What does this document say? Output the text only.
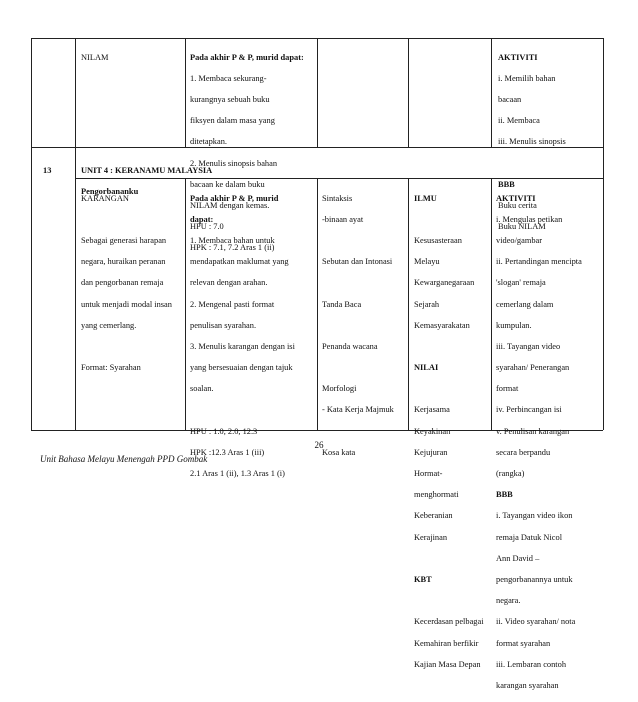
NILAM	Pada akhir P & P, murid dapat:

1. Membaca sekurang-

kurangnya sebuah buku

fiksyen dalam masa yang

ditetapkan.

2. Menulis sinopsis bahan

bacaan ke dalam buku

NILAM dengan kemas.

HPU : 7.0

HPK : 7.1, 7.2 Aras 1 (ii)

AKTIVITI

i. Memilih bahan

bacaan

ii. Membaca

iii. Menulis sinopsis

BBB

Buku cerita

Buku NILAM

13	UNIT 4 : KERANAMU MALAYSIA

Pengorbananku

KARANGAN

Sebagai generasi harapan

negara, huraikan peranan

dan pengorbanan remaja

untuk menjadi modal insan

yang cemerlang.

Format: Syarahan

Pada akhir P & P, murid

dapat:

1. Membaca bahan untuk

mendapatkan maklumat yang

relevan dengan arahan.

2. Mengenal pasti format

penulisan syarahan.

3. Menulis karangan dengan isi

yang bersesuaian dengan tajuk

soalan.

HPU : 1.0, 2.0, 12.3

HPK :12.3 Aras 1 (iii)

2.1 Aras 1 (ii), 1.3 Aras 1 (i)

Sintaksis

-binaan ayat

Sebutan dan Intonasi

Tanda Baca

Penanda wacana

Morfologi

- Kata Kerja Majmuk

Kosa kata

ILMU

Kesusasteraan

Melayu

Kewarganegaraan

Sejarah

Kemasyarakatan

NILAI

Kerjasama

Keyakinan

Kejujuran

Hormat-

menghormati

Keberanian

Kerajinan

KBT

Kecerdasan pelbagai

Kemahiran berfikir

Kajian Masa Depan

AKTIVITI

i. Mengulas petikan

video/gambar

ii. Pertandingan mencipta

'slogan' remaja

cemerlang dalam

kumpulan.

iii. Tayangan video

syarahan/ Penerangan

format

iv. Perbincangan isi

v. Penulisan karangan

secara berpandu

(rangka)

BBB

i. Tayangan video ikon

remaja Datuk Nicol

Ann David –

pengorbanannya untuk

negara.

ii. Video syarahan/ nota

format syarahan

iii. Lembaran contoh

karangan syarahan

26
Unit Bahasa Melayu Menengah PPD Gombak
